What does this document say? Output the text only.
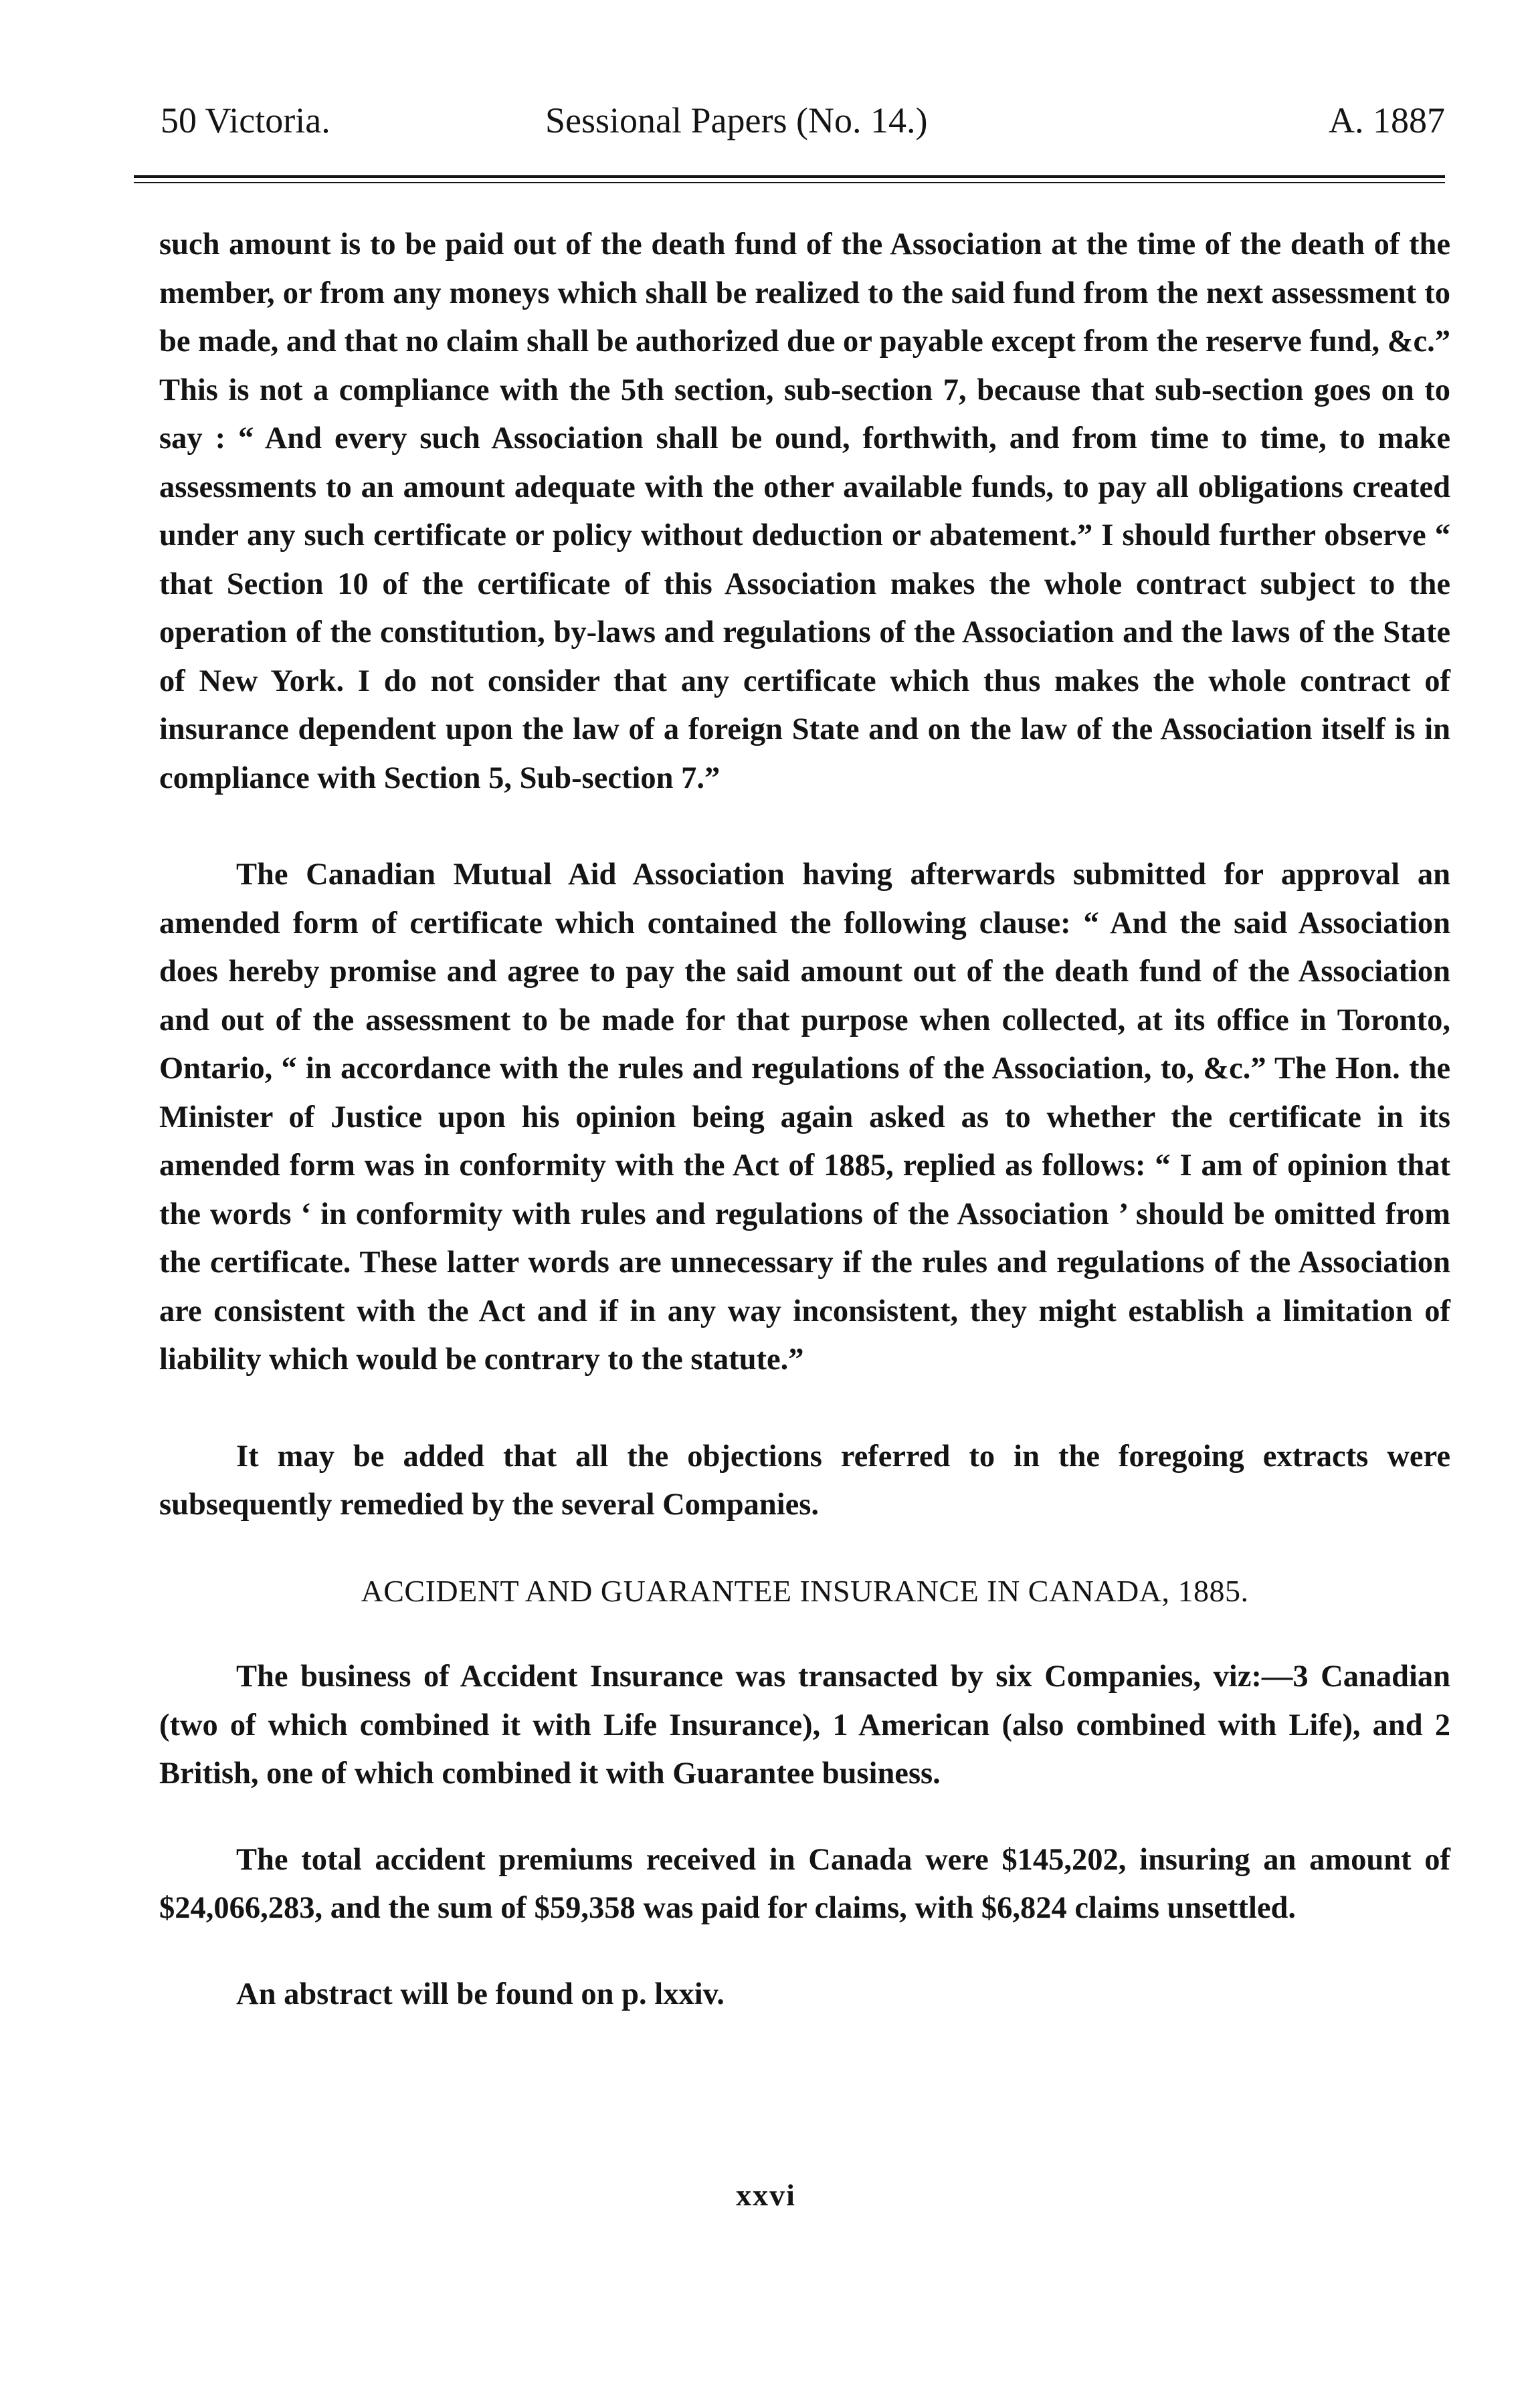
50 Victoria.	Sessional Papers (No. 14.)	A. 1887

such amount is to be paid out of the death fund of the Association at the time of the death of the member, or from any moneys which shall be realized to the said fund from the next assessment to be made, and that no claim shall be authorized due or payable except from the reserve fund, &c.” This is not a compliance with the 5th section, sub-section 7, because that sub-section goes on to say : “ And every such Association shall be ound, forthwith, and from time to time, to make assessments to an amount adequate with the other available funds, to pay all obligations created under any such certificate or policy without deduction or abatement.” I should further observe “ that Section 10 of the certificate of this Association makes the whole contract subject to the operation of the constitution, by-laws and regulations of the Association and the laws of the State of New York. I do not consider that any certificate which thus makes the whole contract of insurance dependent upon the law of a foreign State and on the law of the Association itself is in compliance with Section 5, Sub-section 7.”

The Canadian Mutual Aid Association having afterwards submitted for approval an amended form of certificate which contained the following clause: “ And the said Association does hereby promise and agree to pay the said amount out of the death fund of the Association and out of the assessment to be made for that purpose when collected, at its office in Toronto, Ontario, “ in accordance with the rules and regulations of the Association, to, &c.” The Hon. the Minister of Justice upon his opinion being again asked as to whether the certificate in its amended form was in conformity with the Act of 1885, replied as follows: “ I am of opinion that the words ‘ in conformity with rules and regulations of the Association ’ should be omitted from the certificate. These latter words are unnecessary if the rules and regulations of the Association are consistent with the Act and if in any way inconsistent, they might establish a limitation of liability which would be contrary to the statute.”

It may be added that all the objections referred to in the foregoing extracts were subsequently remedied by the several Companies.

ACCIDENT AND GUARANTEE INSURANCE IN CANADA, 1885.

The business of Accident Insurance was transacted by six Companies, viz:—3 Canadian (two of which combined it with Life Insurance), 1 American (also combined with Life), and 2 British, one of which combined it with Guarantee business.

The total accident premiums received in Canada were $145,202, insuring an amount of $24,066,283, and the sum of $59,358 was paid for claims, with $6,824 claims unsettled.

An abstract will be found on p. lxxiv.

xxvi
